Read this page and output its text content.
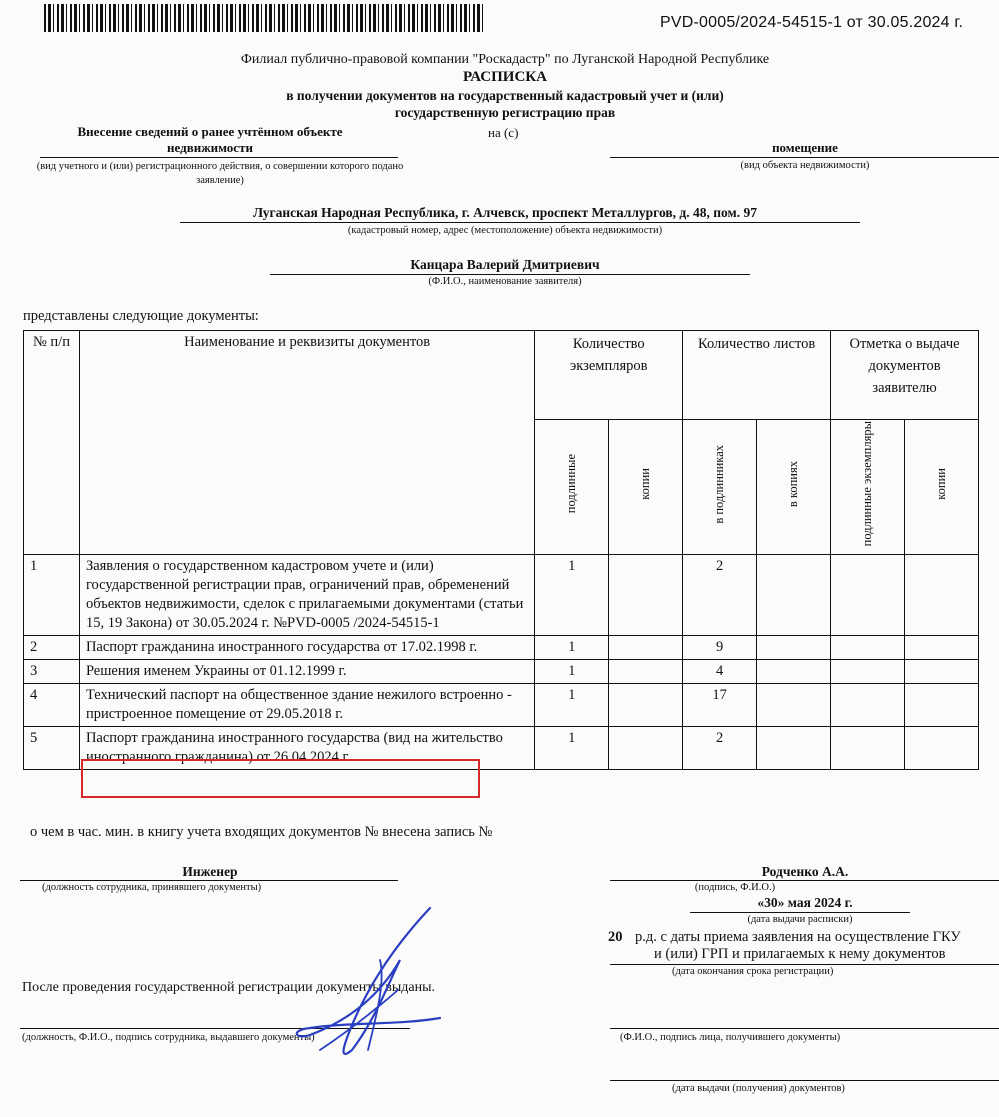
PVD-0005/2024-54515-1 от 30.05.2024 г.
Филиал публично-правовой компании "Роскадастр" по Луганской Народной Республике
РАСПИСКА
в получении документов на государственный кадастровый учет и (или)
государственную регистрацию прав
Внесение сведений о ранее учтённом объекте
недвижимости
на (с)
(вид учетного и (или) регистрационного действия, о совершении которого подано заявление)
помещение
(вид объекта недвижимости)
Луганская Народная Республика, г. Алчевск, проспект Металлургов, д. 48, пом. 97
(кадастровый номер, адрес (местоположение) объекта недвижимости)
Канцара Валерий Дмитриевич
(Ф.И.О., наименование заявителя)
представлены следующие документы:
№ п/п	Наименование и реквизиты документов	Количество экземпляров		Количество листов		Отметка о выдаче документов заявителю	
		подлинные	копии	в подлинниках	в копиях	подлинные экземпляры	копии
1	Заявления о государственном кадастровом учете и (или) государственной регистрации прав, ограничений прав, обременений объектов недвижимости, сделок с прилагаемыми документами (статьи 15, 19 Закона) от 30.05.2024 г. №PVD-0005 /2024-54515-1	1		2			
2	Паспорт гражданина иностранного государства от 17.02.1998 г.	1		9			
3	Решения именем Украины от 01.12.1999 г.	1		4			
4	Технический паспорт на общественное здание нежилого встроенно - пристроенное помещение от 29.05.2018 г.	1		17			
5	Паспорт гражданина иностранного государства (вид на жительство иностранного гражданина) от 26.04.2024 г.	1		2			
о чем в час. мин. в книгу учета входящих документов № внесена запись №
Инженер
(должность сотрудника, принявшего документы)
После проведения государственной регистрации документы выданы.
(должность, Ф.И.О., подпись сотрудника, выдавшего документы)
Родченко А.А.
(подпись, Ф.И.О.)
«30» мая 2024 г.
(дата выдачи расписки)
20 р.д. с даты приема заявления на осуществление ГКУ
и (или) ГРП и прилагаемых к нему документов
(дата окончания срока регистрации)
(Ф.И.О., подпись лица, получившего документы)
(дата выдачи (получения) документов)
